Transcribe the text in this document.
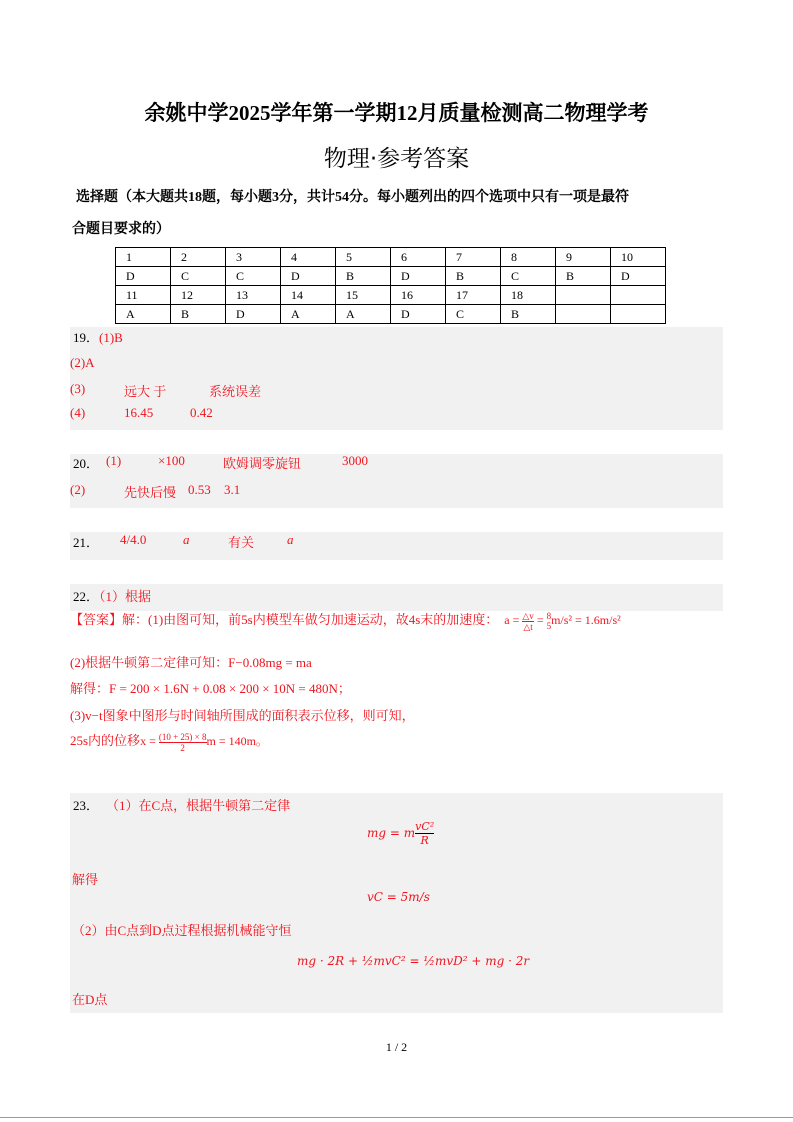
余姚中学2025学年第一学期12月质量检测高二物理学考
物理·参考答案
选择题（本大题共18题，每小题3分，共计54分。每小题列出的四个选项中只有一项是最符
合题目要求的）
1	2	3	4	5	6	7	8	9	10
D	C	C	D	B	D	B	C	B	D
11	12	13	14	15	16	17	18		
A	B	D	A	A	D	C	B		
19．(1)B
(2)A
(3)	远大 于	系统误差
(4)	16.45	0.42
20． (1)	×100	欧姆调零旋钮	3000
(2)	先快后慢 0.53 3.1
21． 4/4.0	a	有关	a
22．（1）根据
【答案】解：(1)由图可知，前5s内模型车做匀加速运动，故4s末的加速度： $a = \frac{\triangle v}{\triangle t} = 8$
5 m/s² = 1.6m/s²
(2)根据牛顿第二定律可知：F−0.08mg = ma
解得：F = 200 × 1.6N + 0.08 × 200 × 10N = 480N；
(3)v−t图象中图形与时间轴所围成的面积表示位移，则可知，
25s内的位移$x = \frac{(10 + 25) \times 8}{2}$ m = 140m。
23． （1）在C点，根据牛顿第二定律
mg = m $\frac{\text{vC²}}{R}$
解得
vC = 5m/s
（2）由C点到D点过程根据机械能守恒
mg · 2R + ½mvC² = ½mvD² + mg · 2r
在D点
1 / 2
